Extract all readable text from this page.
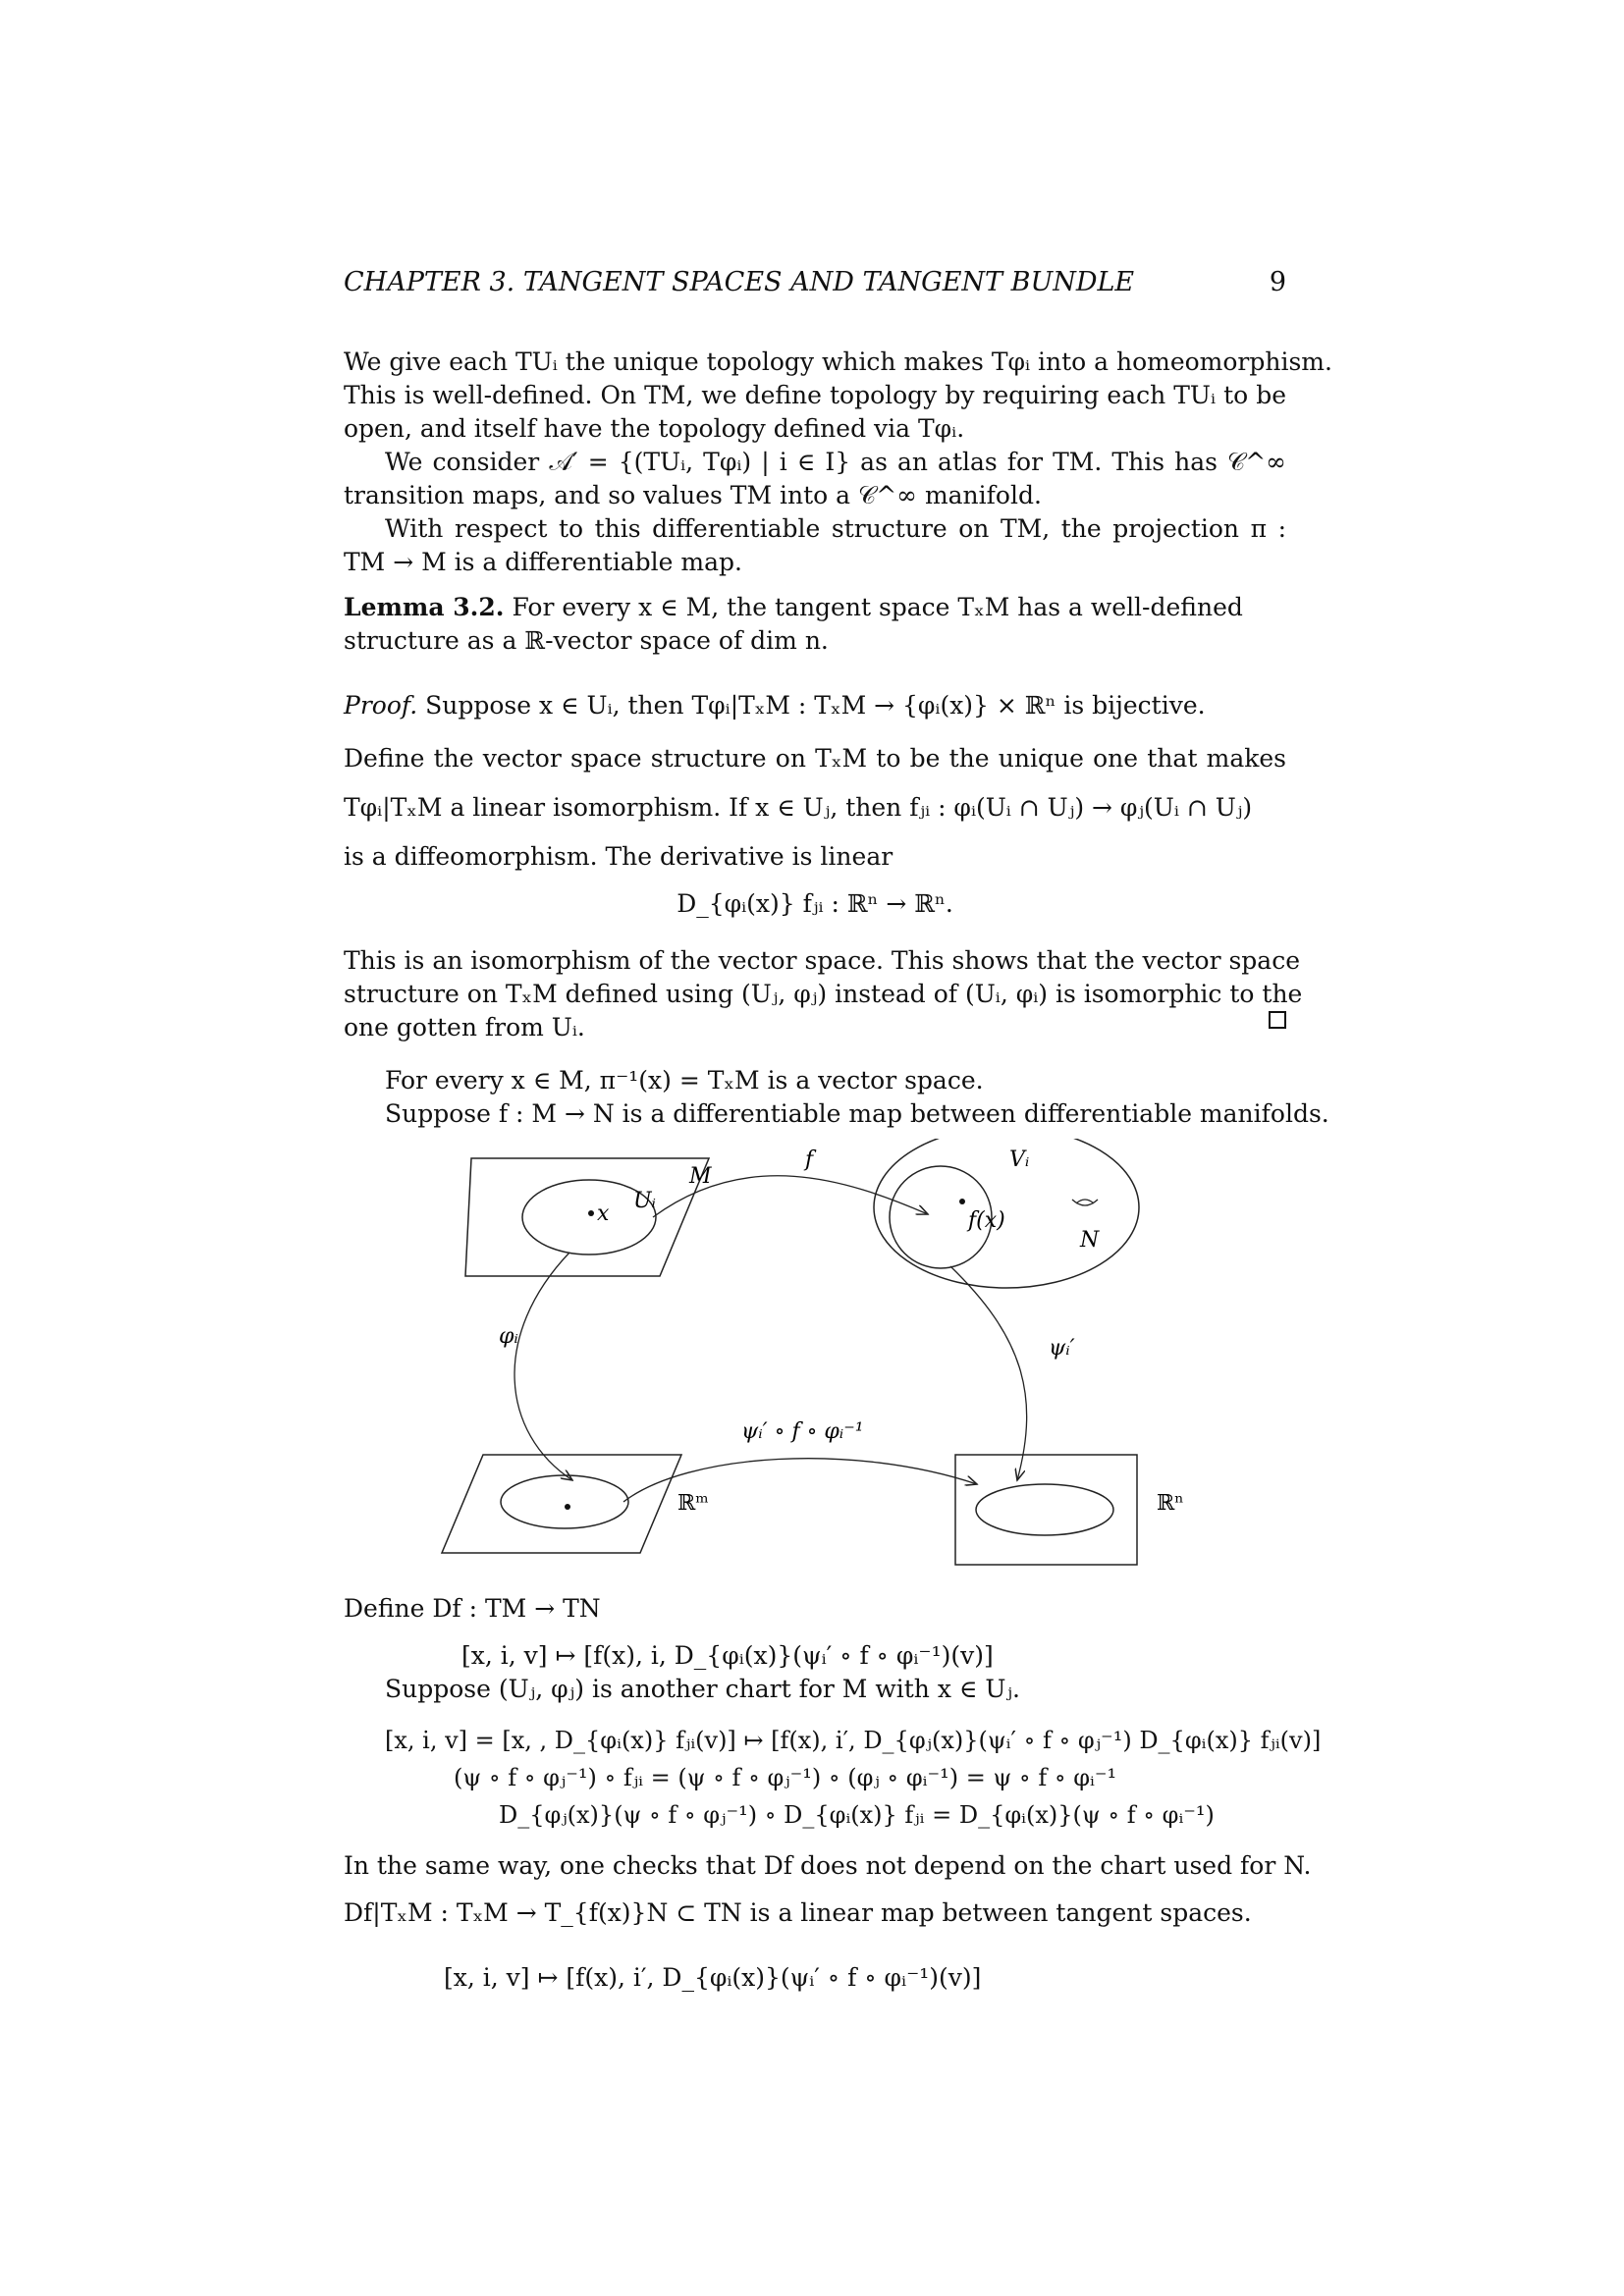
CHAPTER 3. TANGENT SPACES AND TANGENT BUNDLE	9
We give each TUᵢ the unique topology which makes Tφᵢ into a homeomorphism.
This is well-defined. On TM, we define topology by requiring each TUᵢ to be
open, and itself have the topology defined via Tφᵢ.
We consider 𝒜′ = {(TUᵢ, Tφᵢ) | i ∈ I} as an atlas for TM. This has 𝒞^∞
transition maps, and so values TM into a 𝒞^∞ manifold.
With respect to this differentiable structure on TM, the projection π :
TM → M is a differentiable map.
Lemma 3.2. For every x ∈ M, the tangent space TₓM has a well-defined
structure as a ℝ-vector space of dim n.
Proof. Suppose x ∈ Uᵢ, then Tφᵢ|TₓM : TₓM → {φᵢ(x)} × ℝⁿ is bijective.
Define the vector space structure on TₓM to be the unique one that makes
Tφᵢ|TₓM a linear isomorphism. If x ∈ Uⱼ, then fⱼᵢ : φᵢ(Uᵢ ∩ Uⱼ) → φⱼ(Uᵢ ∩ Uⱼ)
is a diffeomorphism. The derivative is linear
D_{φᵢ(x)} fⱼᵢ : ℝⁿ → ℝⁿ.
This is an isomorphism of the vector space. This shows that the vector space
structure on TₓM defined using (Uⱼ, φⱼ) instead of (Uᵢ, φᵢ) is isomorphic to the
one gotten from Uᵢ.
For every x ∈ M, π⁻¹(x) = TₓM is a vector space.
Suppose f : M → N is a differentiable map between differentiable manifolds.
x
Uᵢ
M
f(x)
Vᵢ
N
f
φᵢ	ψᵢ′
ℝᵐ	ℝⁿ
ψᵢ′ ∘ f ∘ φᵢ⁻¹
Define Df : TM → TN
[x, i, v] ↦ [f(x), i, D_{φᵢ(x)}(ψᵢ′ ∘ f ∘ φᵢ⁻¹)(v)]
Suppose (Uⱼ, φⱼ) is another chart for M with x ∈ Uⱼ.
[x, i, v] = [x, , D_{φᵢ(x)} fⱼᵢ(v)] ↦ [f(x), i′, D_{φⱼ(x)}(ψᵢ′ ∘ f ∘ φⱼ⁻¹) D_{φᵢ(x)} fⱼᵢ(v)]
(ψ ∘ f ∘ φⱼ⁻¹) ∘ fⱼᵢ = (ψ ∘ f ∘ φⱼ⁻¹) ∘ (φⱼ ∘ φᵢ⁻¹) = ψ ∘ f ∘ φᵢ⁻¹
D_{φⱼ(x)}(ψ ∘ f ∘ φⱼ⁻¹) ∘ D_{φᵢ(x)} fⱼᵢ = D_{φᵢ(x)}(ψ ∘ f ∘ φᵢ⁻¹)
In the same way, one checks that Df does not depend on the chart used for N.
Df|TₓM : TₓM → T_{f(x)}N ⊂ TN is a linear map between tangent spaces.
[x, i, v] ↦ [f(x), i′, D_{φᵢ(x)}(ψᵢ′ ∘ f ∘ φᵢ⁻¹)(v)]
